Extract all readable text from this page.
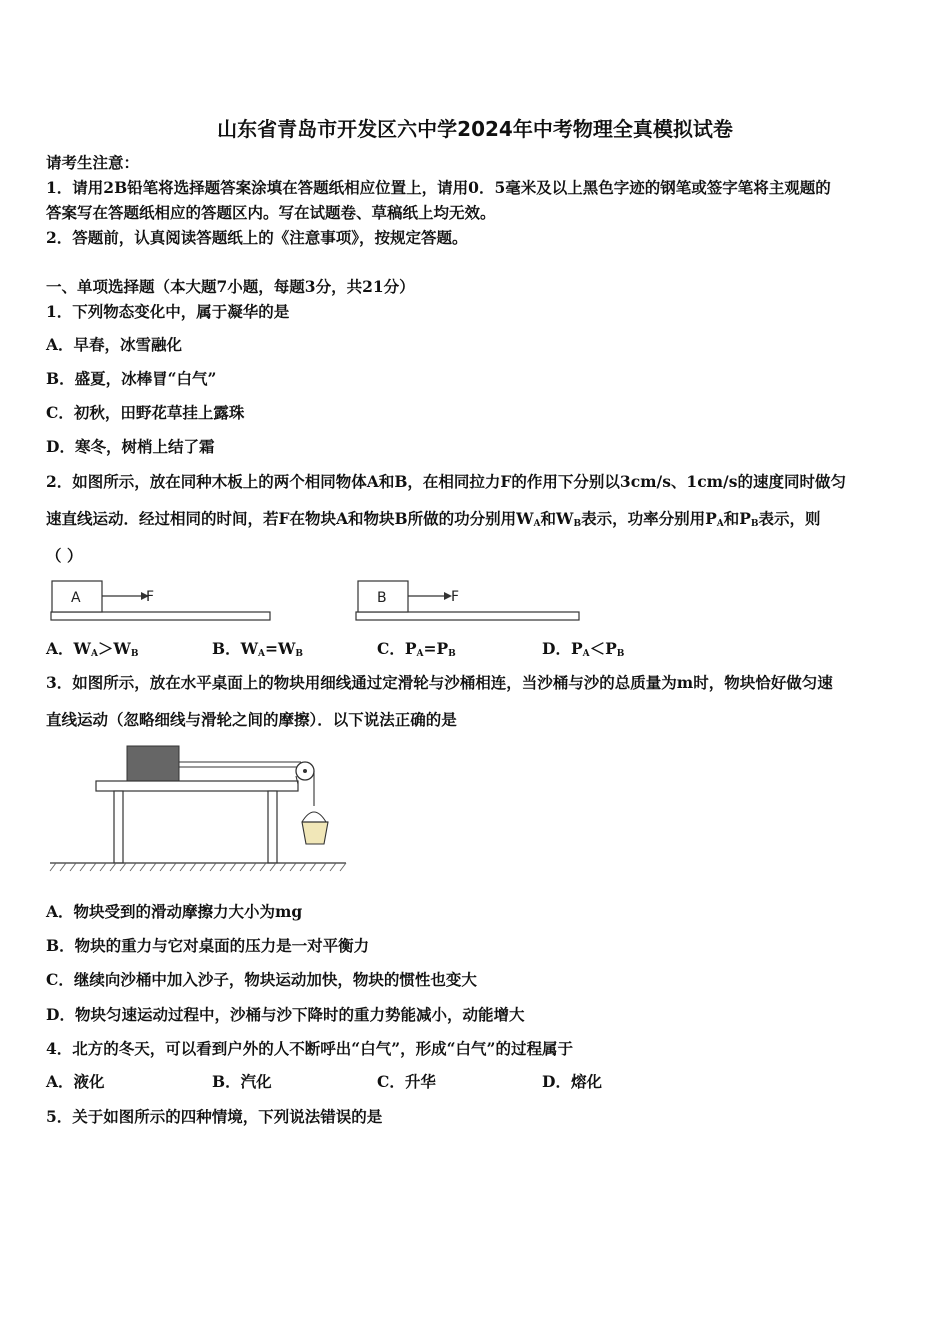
山东省青岛市开发区六中学2024年中考物理全真模拟试卷
请考生注意：
1．请用2B铅笔将选择题答案涂填在答题纸相应位置上，请用0．5毫米及以上黑色字迹的钢笔或签字笔将主观题的
答案写在答题纸相应的答题区内。写在试题卷、草稿纸上均无效。
2．答题前，认真阅读答题纸上的《注意事项》，按规定答题。
一、单项选择题（本大题7小题，每题3分，共21分）
1．下列物态变化中，属于凝华的是
A．早春，冰雪融化
B．盛夏，冰棒冒“白气”
C．初秋，田野花草挂上露珠
D．寒冬，树梢上结了霜
2．如图所示，放在同种木板上的两个相同物体A和B，在相同拉力F的作用下分别以3cm/s、1cm/s的速度同时做匀
速直线运动．经过相同的时间，若F在物块A和物块B所做的功分别用$W_A$和$W_B$表示，功率分别用$P_A$和$P_B$表示，则
（ ）
A	F	B	F
A．$W_A>W_B$	B．$W_A=W_B$	C．$P_A=P_B$	D．$P_A<P_B$
3．如图所示，放在水平桌面上的物块用细线通过定滑轮与沙桶相连，当沙桶与沙的总质量为m时，物块恰好做匀速
直线运动（忽略细线与滑轮之间的摩擦）．以下说法正确的是
A．物块受到的滑动摩擦力大小为mg
B．物块的重力与它对桌面的压力是一对平衡力
C．继续向沙桶中加入沙子，物块运动加快，物块的惯性也变大
D．物块匀速运动过程中，沙桶与沙下降时的重力势能减小，动能增大
4．北方的冬天，可以看到户外的人不断呼出“白气”，形成“白气”的过程属于
A．液化	B．汽化	C．升华	D．熔化
5．关于如图所示的四种情境，下列说法错误的是
